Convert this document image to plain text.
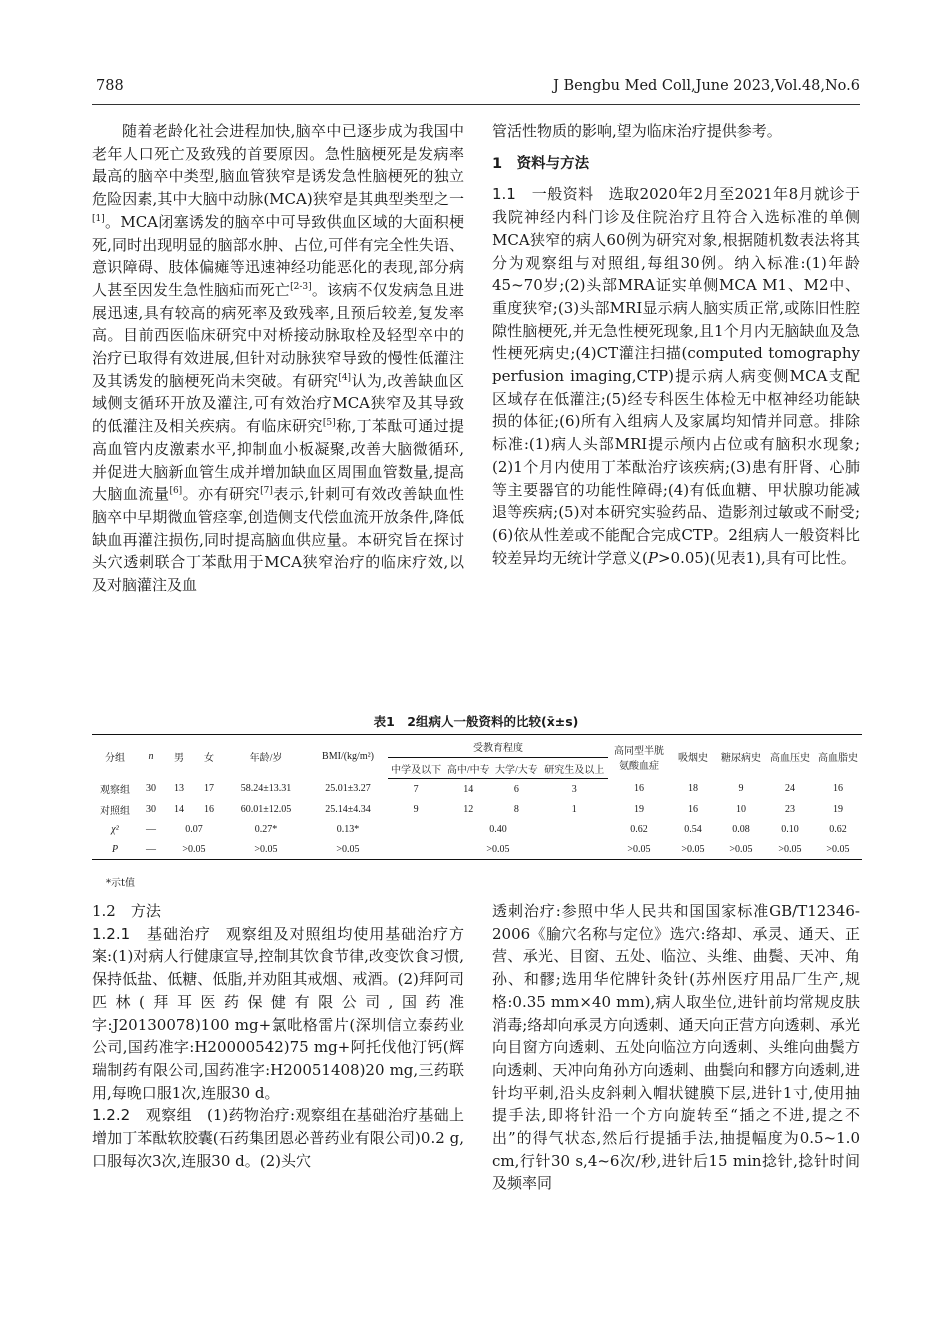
788	J Bengbu Med Coll,June 2023,Vol.48,No.6

随着老龄化社会进程加快,脑卒中已逐步成为我国中老年人口死亡及致残的首要原因。急性脑梗死是发病率最高的脑卒中类型,脑血管狭窄是诱发急性脑梗死的独立危险因素,其中大脑中动脉(MCA)狭窄是其典型类型之一[1]。MCA闭塞诱发的脑卒中可导致供血区域的大面积梗死,同时出现明显的脑部水肿、占位,可伴有完全性失语、意识障碍、肢体偏瘫等迅速神经功能恶化的表现,部分病人甚至因发生急性脑疝而死亡[2-3]。该病不仅发病急且进展迅速,具有较高的病死率及致残率,且预后较差,复发率高。目前西医临床研究中对桥接动脉取栓及轻型卒中的治疗已取得有效进展,但针对动脉狭窄导致的慢性低灌注及其诱发的脑梗死尚未突破。有研究[4]认为,改善缺血区域侧支循环开放及灌注,可有效治疗MCA狭窄及其导致的低灌注及相关疾病。有临床研究[5]称,丁苯酞可通过提高血管内皮激素水平,抑制血小板凝聚,改善大脑微循环,并促进大脑新血管生成并增加缺血区周围血管数量,提高大脑血流量[6]。亦有研究[7]表示,针刺可有效改善缺血性脑卒中早期微血管痉挛,创造侧支代偿血流开放条件,降低缺血再灌注损伤,同时提高脑血供应量。本研究旨在探讨头穴透刺联合丁苯酞用于MCA狭窄治疗的临床疗效,以及对脑灌注及血

管活性物质的影响,望为临床治疗提供参考。

1　资料与方法

1.1　一般资料 选取2020年2月至2021年8月就诊于我院神经内科门诊及住院治疗且符合入选标准的单侧MCA狭窄的病人60例为研究对象,根据随机数表法将其分为观察组与对照组,每组30例。纳入标准:(1)年龄45~70岁;(2)头部MRA证实单侧MCA M1、M2中、重度狭窄;(3)头部MRI显示病人脑实质正常,或陈旧性腔隙性脑梗死,并无急性梗死现象,且1个月内无脑缺血及急性梗死病史;(4)CT灌注扫描(computed tomography perfusion imaging,CTP)提示病人病变侧MCA支配区域存在低灌注;(5)经专科医生体检无中枢神经功能缺损的体征;(6)所有入组病人及家属均知情并同意。排除标准:(1)病人头部MRI提示颅内占位或有脑积水现象;(2)1个月内使用丁苯酞治疗该疾病;(3)患有肝肾、心肺等主要器官的功能性障碍;(4)有低血糖、甲状腺功能减退等疾病;(5)对本研究实验药品、造影剂过敏或不耐受;(6)依从性差或不能配合完成CTP。2组病人一般资料比较差异均无统计学意义(P>0.05)(见表1),具有可比性。

表1　2组病人一般资料的比较(x̄±s)
分组	n	男	女	年龄/岁	BMI/(kg/m²)	受教育程度				高同型半胱
氨酸血症	吸烟史	糖尿病史	高血压史	高血脂史
						中学及以下	高中/中专	大学/大专	研究生及以上					
观察组	30	13	17	58.24±13.31	25.01±3.27	7	14	6	3	16	18	9	24	16
对照组	30	14	16	60.01±12.05	25.14±4.34	9	12	8	1	19	16	10	23	19
χ²	—	0.07		0.27*	0.13*	0.40				0.62	0.54	0.08	0.10	0.62
P	—	>0.05		>0.05	>0.05	>0.05				>0.05	>0.05	>0.05	>0.05	>0.05
*示t值

1.2　方法

1.2.1　基础治疗 观察组及对照组均使用基础治疗方案:(1)对病人行健康宣导,控制其饮食节律,改变饮食习惯,保持低盐、低糖、低脂,并劝阻其戒烟、戒酒。(2)拜阿司匹林(拜耳医药保健有限公司,国药准字:J20130078)100 mg+氯吡格雷片(深圳信立泰药业公司,国药准字:H20000542)75 mg+阿托伐他汀钙(辉瑞制药有限公司,国药准字:H20051408)20 mg,三药联用,每晚口服1次,连服30 d。

1.2.2　观察组 (1)药物治疗:观察组在基础治疗基础上增加丁苯酞软胶囊(石药集团恩必普药业有限公司)0.2 g,口服每次3次,连服30 d。(2)头穴

透刺治疗:参照中华人民共和国国家标准GB/T12346-2006《腧穴名称与定位》选穴:络却、承灵、通天、正营、承光、目窗、五处、临泣、头维、曲鬓、天冲、角孙、和髎;选用华佗牌针灸针(苏州医疗用品厂生产,规格:0.35 mm×40 mm),病人取坐位,进针前均常规皮肤消毒;络却向承灵方向透刺、通天向正营方向透刺、承光向目窗方向透刺、五处向临泣方向透刺、头维向曲鬓方向透刺、天冲向角孙方向透刺、曲鬓向和髎方向透刺,进针均平刺,沿头皮斜刺入帽状键膜下层,进针1寸,使用抽提手法,即将针沿一个方向旋转至“插之不进,提之不出”的得气状态,然后行提插手法,抽提幅度为0.5~1.0 cm,行针30 s,4~6次/秒,进针后15 min捻针,捻针时间及频率同
